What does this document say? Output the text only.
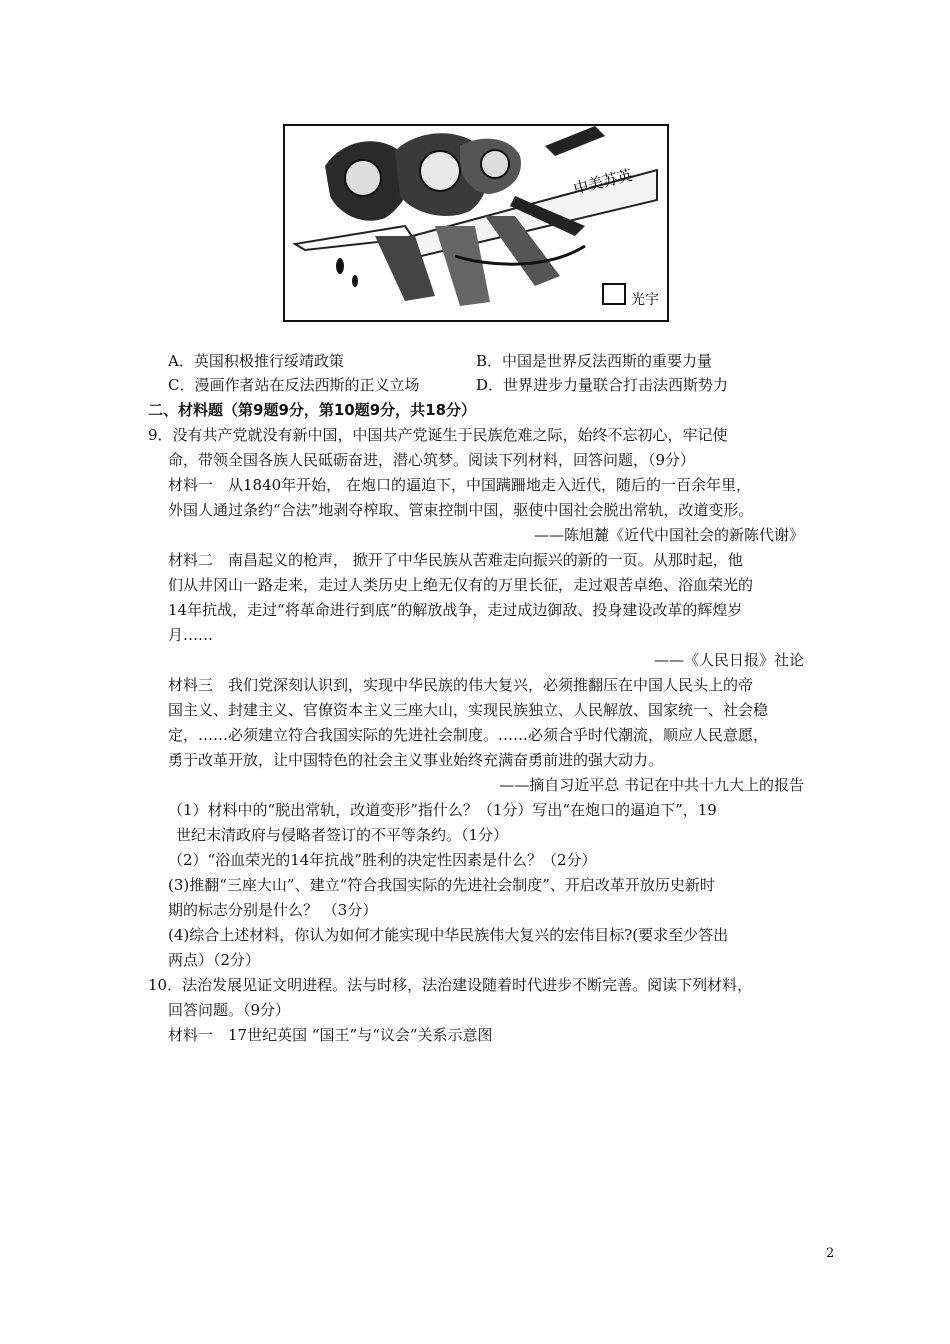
中美苏英
光宇
A．英国积极推行绥靖政策	B．中国是世界反法西斯的重要力量
C．漫画作者站在反法西斯的正义立场	D．世界进步力量联合打击法西斯势力
二、材料题（第9题9分，第10题9分，共18分）
9．没有共产党就没有新中国，中国共产党诞生于民族危难之际，始终不忘初心，牢记使
命，带领全国各族人民砥砺奋进，潜心筑梦。阅读下列材料，回答问题，（9分）
材料一　从1840年开始， 在炮口的逼迫下，中国蹒跚地走入近代，随后的一百余年里，
外国人通过条约“合法”地剥夺榨取、管束控制中国，驱使中国社会脱出常轨，改道变形。
——陈旭麓《近代中国社会的新陈代谢》
材料二　南昌起义的枪声， 掀开了中华民族从苦难走向振兴的新的一页。从那时起，他
们从井冈山一路走来，走过人类历史上绝无仅有的万里长征，走过艰苦卓绝、浴血荣光的
14年抗战，走过“将革命进行到底”的解放战争，走过成边御敌、投身建设改革的辉煌岁
月……
——《人民日报》社论
材料三　我们党深刻认识到，实现中华民族的伟大复兴，必须推翻压在中国人民头上的帝
国主义、封建主义、官僚资本主义三座大山，实现民族独立、人民解放、国家统一、社会稳
定，……必须建立符合我国实际的先进社会制度。……必须合乎时代潮流，顺应人民意愿，
勇于改革开放，让中国特色的社会主义事业始终充满奋勇前进的强大动力。
——摘自习近平总 书记在中共十九大上的报告
（1）材料中的“脱出常轨，改道变形”指什么？（1分）写出“在炮口的逼迫下”，19
世纪末清政府与侵略者签订的不平等条约。（1分）
（2）“浴血荣光的14年抗战”胜利的决定性因素是什么？（2分）
(3)推翻“三座大山”、建立“符合我国实际的先进社会制度”、开启改革开放历史新时
期的标志分别是什么？ （3分）
(4)综合上述材料，你认为如何才能实现中华民族伟大复兴的宏伟目标?(要求至少答出
两点）（2分）
10．法治发展见证文明进程。法与时移，法治建设随着时代进步不断完善。阅读下列材料，
回答问题。（9分）
材料一　17世纪英国 “国王”与“议会”关系示意图
2
